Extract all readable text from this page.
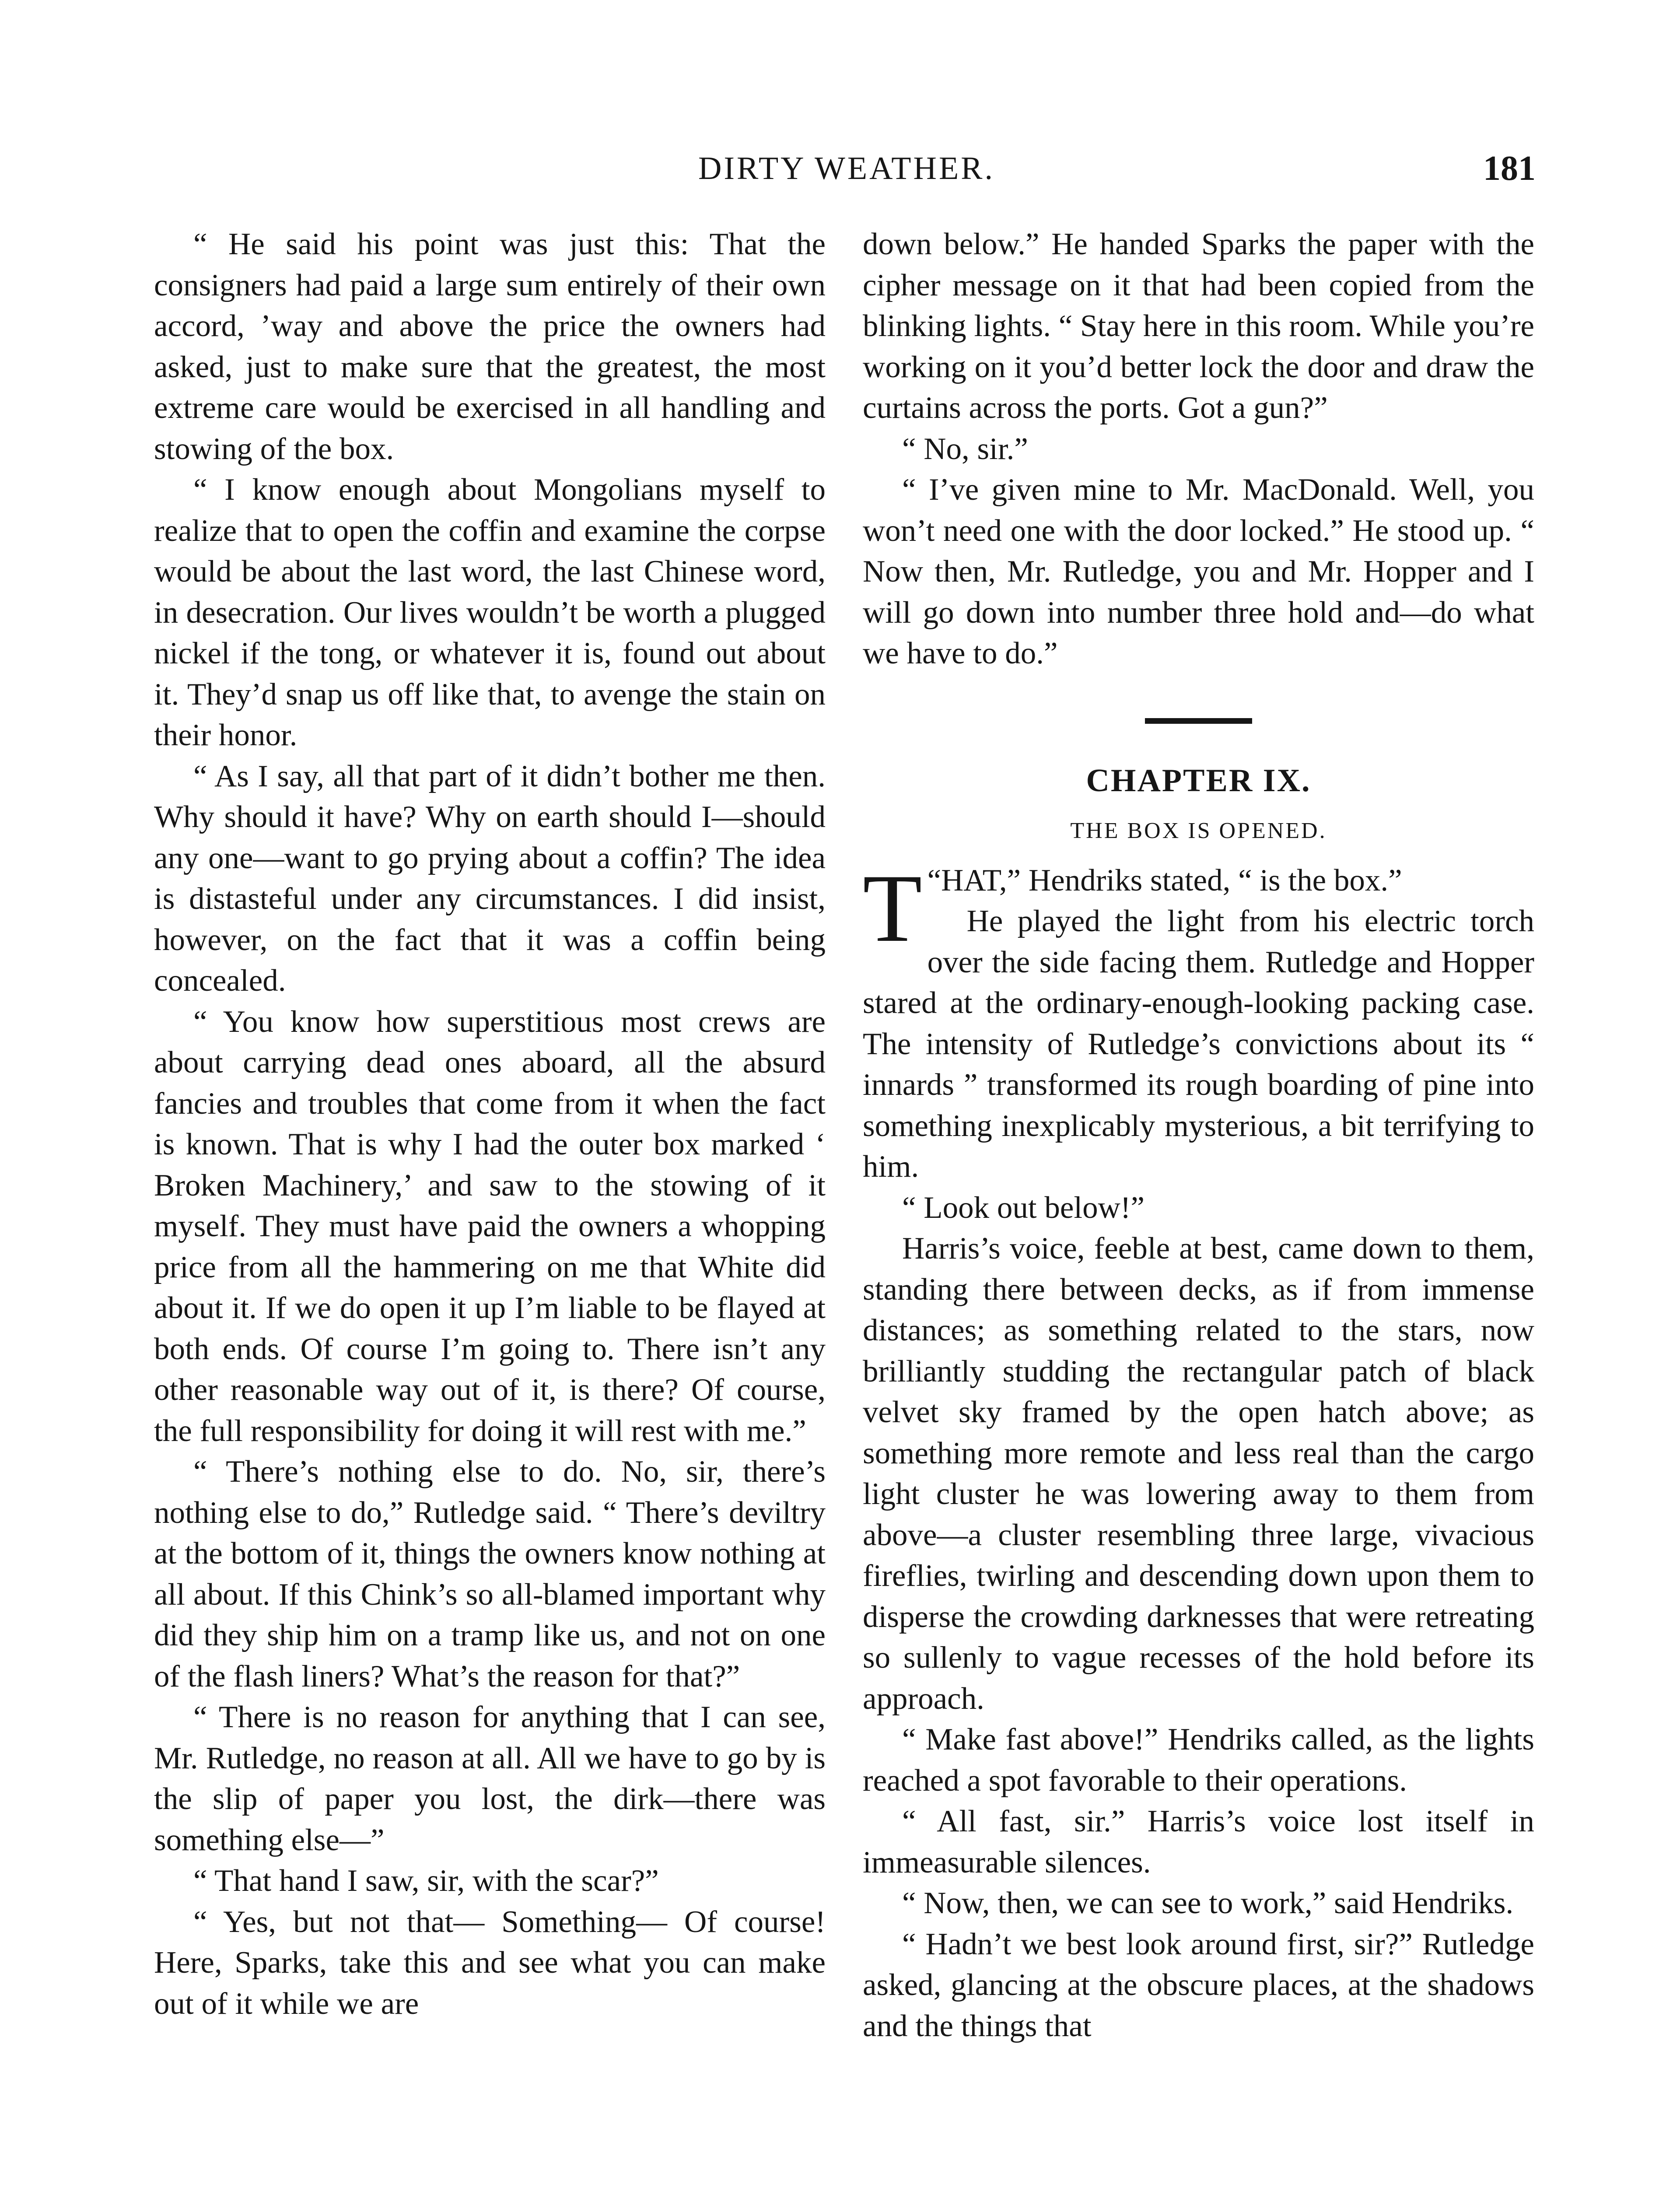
DIRTY WEATHER.	181

“ He said his point was just this: That the consigners had paid a large sum entirely of their own accord, ’way and above the price the owners had asked, just to make sure that the greatest, the most extreme care would be exercised in all handling and stowing of the box.

“ I know enough about Mongolians myself to realize that to open the coffin and examine the corpse would be about the last word, the last Chinese word, in desecration. Our lives wouldn’t be worth a plugged nickel if the tong, or whatever it is, found out about it. They’d snap us off like that, to avenge the stain on their honor.

“ As I say, all that part of it didn’t bother me then. Why should it have? Why on earth should I—should any one—want to go prying about a coffin? The idea is distasteful under any circumstances. I did insist, however, on the fact that it was a coffin being concealed.

“ You know how superstitious most crews are about carrying dead ones aboard, all the absurd fancies and troubles that come from it when the fact is known. That is why I had the outer box marked ‘ Broken Machinery,’ and saw to the stowing of it myself. They must have paid the owners a whopping price from all the hammering on me that White did about it. If we do open it up I’m liable to be flayed at both ends. Of course I’m going to. There isn’t any other reasonable way out of it, is there? Of course, the full responsibility for doing it will rest with me.”

“ There’s nothing else to do. No, sir, there’s nothing else to do,” Rutledge said. “ There’s deviltry at the bottom of it, things the owners know nothing at all about. If this Chink’s so all-blamed important why did they ship him on a tramp like us, and not on one of the flash liners? What’s the reason for that?”

“ There is no reason for anything that I can see, Mr. Rutledge, no reason at all. All we have to go by is the slip of paper you lost, the dirk—there was something else—”

“ That hand I saw, sir, with the scar?”

“ Yes, but not that— Something— Of course! Here, Sparks, take this and see what you can make out of it while we are

down below.” He handed Sparks the paper with the cipher message on it that had been copied from the blinking lights. “ Stay here in this room. While you’re working on it you’d better lock the door and draw the curtains across the ports. Got a gun?”

“ No, sir.”

“ I’ve given mine to Mr. MacDonald. Well, you won’t need one with the door locked.” He stood up. “ Now then, Mr. Rutledge, you and Mr. Hopper and I will go down into number three hold and—do what we have to do.”

CHAPTER IX.
THE BOX IS OPENED.

“
T HAT,” Hendriks stated, “ is the box.”

He played the light from his electric torch over the side facing them. Rutledge and Hopper stared at the ordinary-enough-looking packing case. The intensity of Rutledge’s convictions about its “ innards ” transformed its rough boarding of pine into something inexplicably mysterious, a bit terrifying to him.

“ Look out below!”

Harris’s voice, feeble at best, came down to them, standing there between decks, as if from immense distances; as something related to the stars, now brilliantly studding the rectangular patch of black velvet sky framed by the open hatch above; as something more remote and less real than the cargo light cluster he was lowering away to them from above—a cluster resembling three large, vivacious fireflies, twirling and descending down upon them to disperse the crowding darknesses that were retreating so sullenly to vague recesses of the hold before its approach.

“ Make fast above!” Hendriks called, as the lights reached a spot favorable to their operations.

“ All fast, sir.” Harris’s voice lost itself in immeasurable silences.

“ Now, then, we can see to work,” said Hendriks.

“ Hadn’t we best look around first, sir?” Rutledge asked, glancing at the obscure places, at the shadows and the things that
